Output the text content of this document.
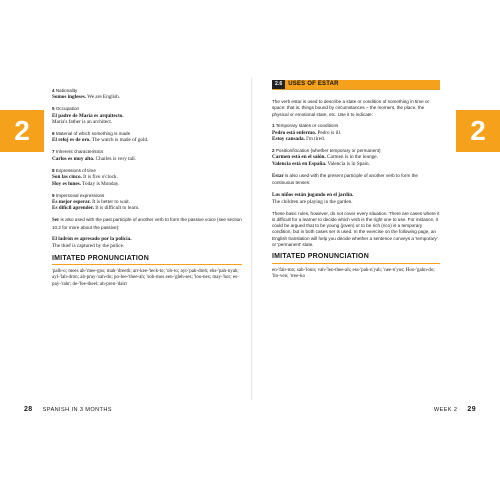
2
4 Nationality
Somos ingleses. We are English.
5 Occupation
El padre de María es arquitecto.
Maria's father is an architect.
6 Material of which something is made
El reloj es de oro. The watch is made of gold.
7 Inherent characteristics
Carlos es muy alto. Charles is very tall.
8 Expressions of time
Son las cinco. It is five o'clock.
Hoy es lunes. Today is Monday.
9 Impersonal expressions
Es mejor esperar. It is better to wait.
Es difícil aprender. It is difficult to learn.
Ser is also used with the past participle of another verb to form the passive voice (see section 10.2 for more about the passive):
El ladrón es apresado por la policía.
The thief is captured by the police.
IMITATED PRONUNCIATION
'palh-o; mees ah-'mee-gos; mah-'dreeth; arr-kee-'teck-to; 'oh-ro; ayl-'pah-dreh; ehs-'pah-nyah; ayl-'lah-dron; ah-pray-'sah-do; po-lee-'thee-ah; 'soh-mos een-'gleh-ses; 'loo-nes; may-'hor; es-pay-'rahr; de-'fee-theel; ah-pren-'dairr
2
2.6	USES OF ESTAR
The verb estar is used to describe a state or condition of something in time or space: that is, things bound by circumstances – the moment, the place, the physical or emotional state, etc. Use it to indicate:
1 Temporary states or conditions
Pedro está enfermo. Pedro is ill.
Estoy cansada. I'm tired.
2 Position/location (whether temporary or permanent)
Carmen está en el salón. Carmen is in the lounge.
Valencia está en España. Valencia is in Spain.
Estar is also used with the present participle of another verb to form the continuous tenses:
Los niños están jugando en el jardín.
The children are playing in the garden.
These basic rules, however, do not cover every situation. There are cases where it is difficult for a learner to decide which verb is the right one to use. For instance, it could be argued that to be young (joven) or to be rich (rico) is a temporary condition, but in both cases ser is used. In the exercise on the following page, an English translation will help you decide whether a sentence conveys a 'temporary' or 'permanent' state.
IMITATED PRONUNCIATION
en-'fair-mo; sah-'lonn; vah-'len-thee-ah; ess-'pah-n'yah; 'nee-n'yos; Hoo-'gahn-do; 'llo-ven; 'rree-ko
28 SPANISH IN 3 MONTHS	WEEK 2 29
